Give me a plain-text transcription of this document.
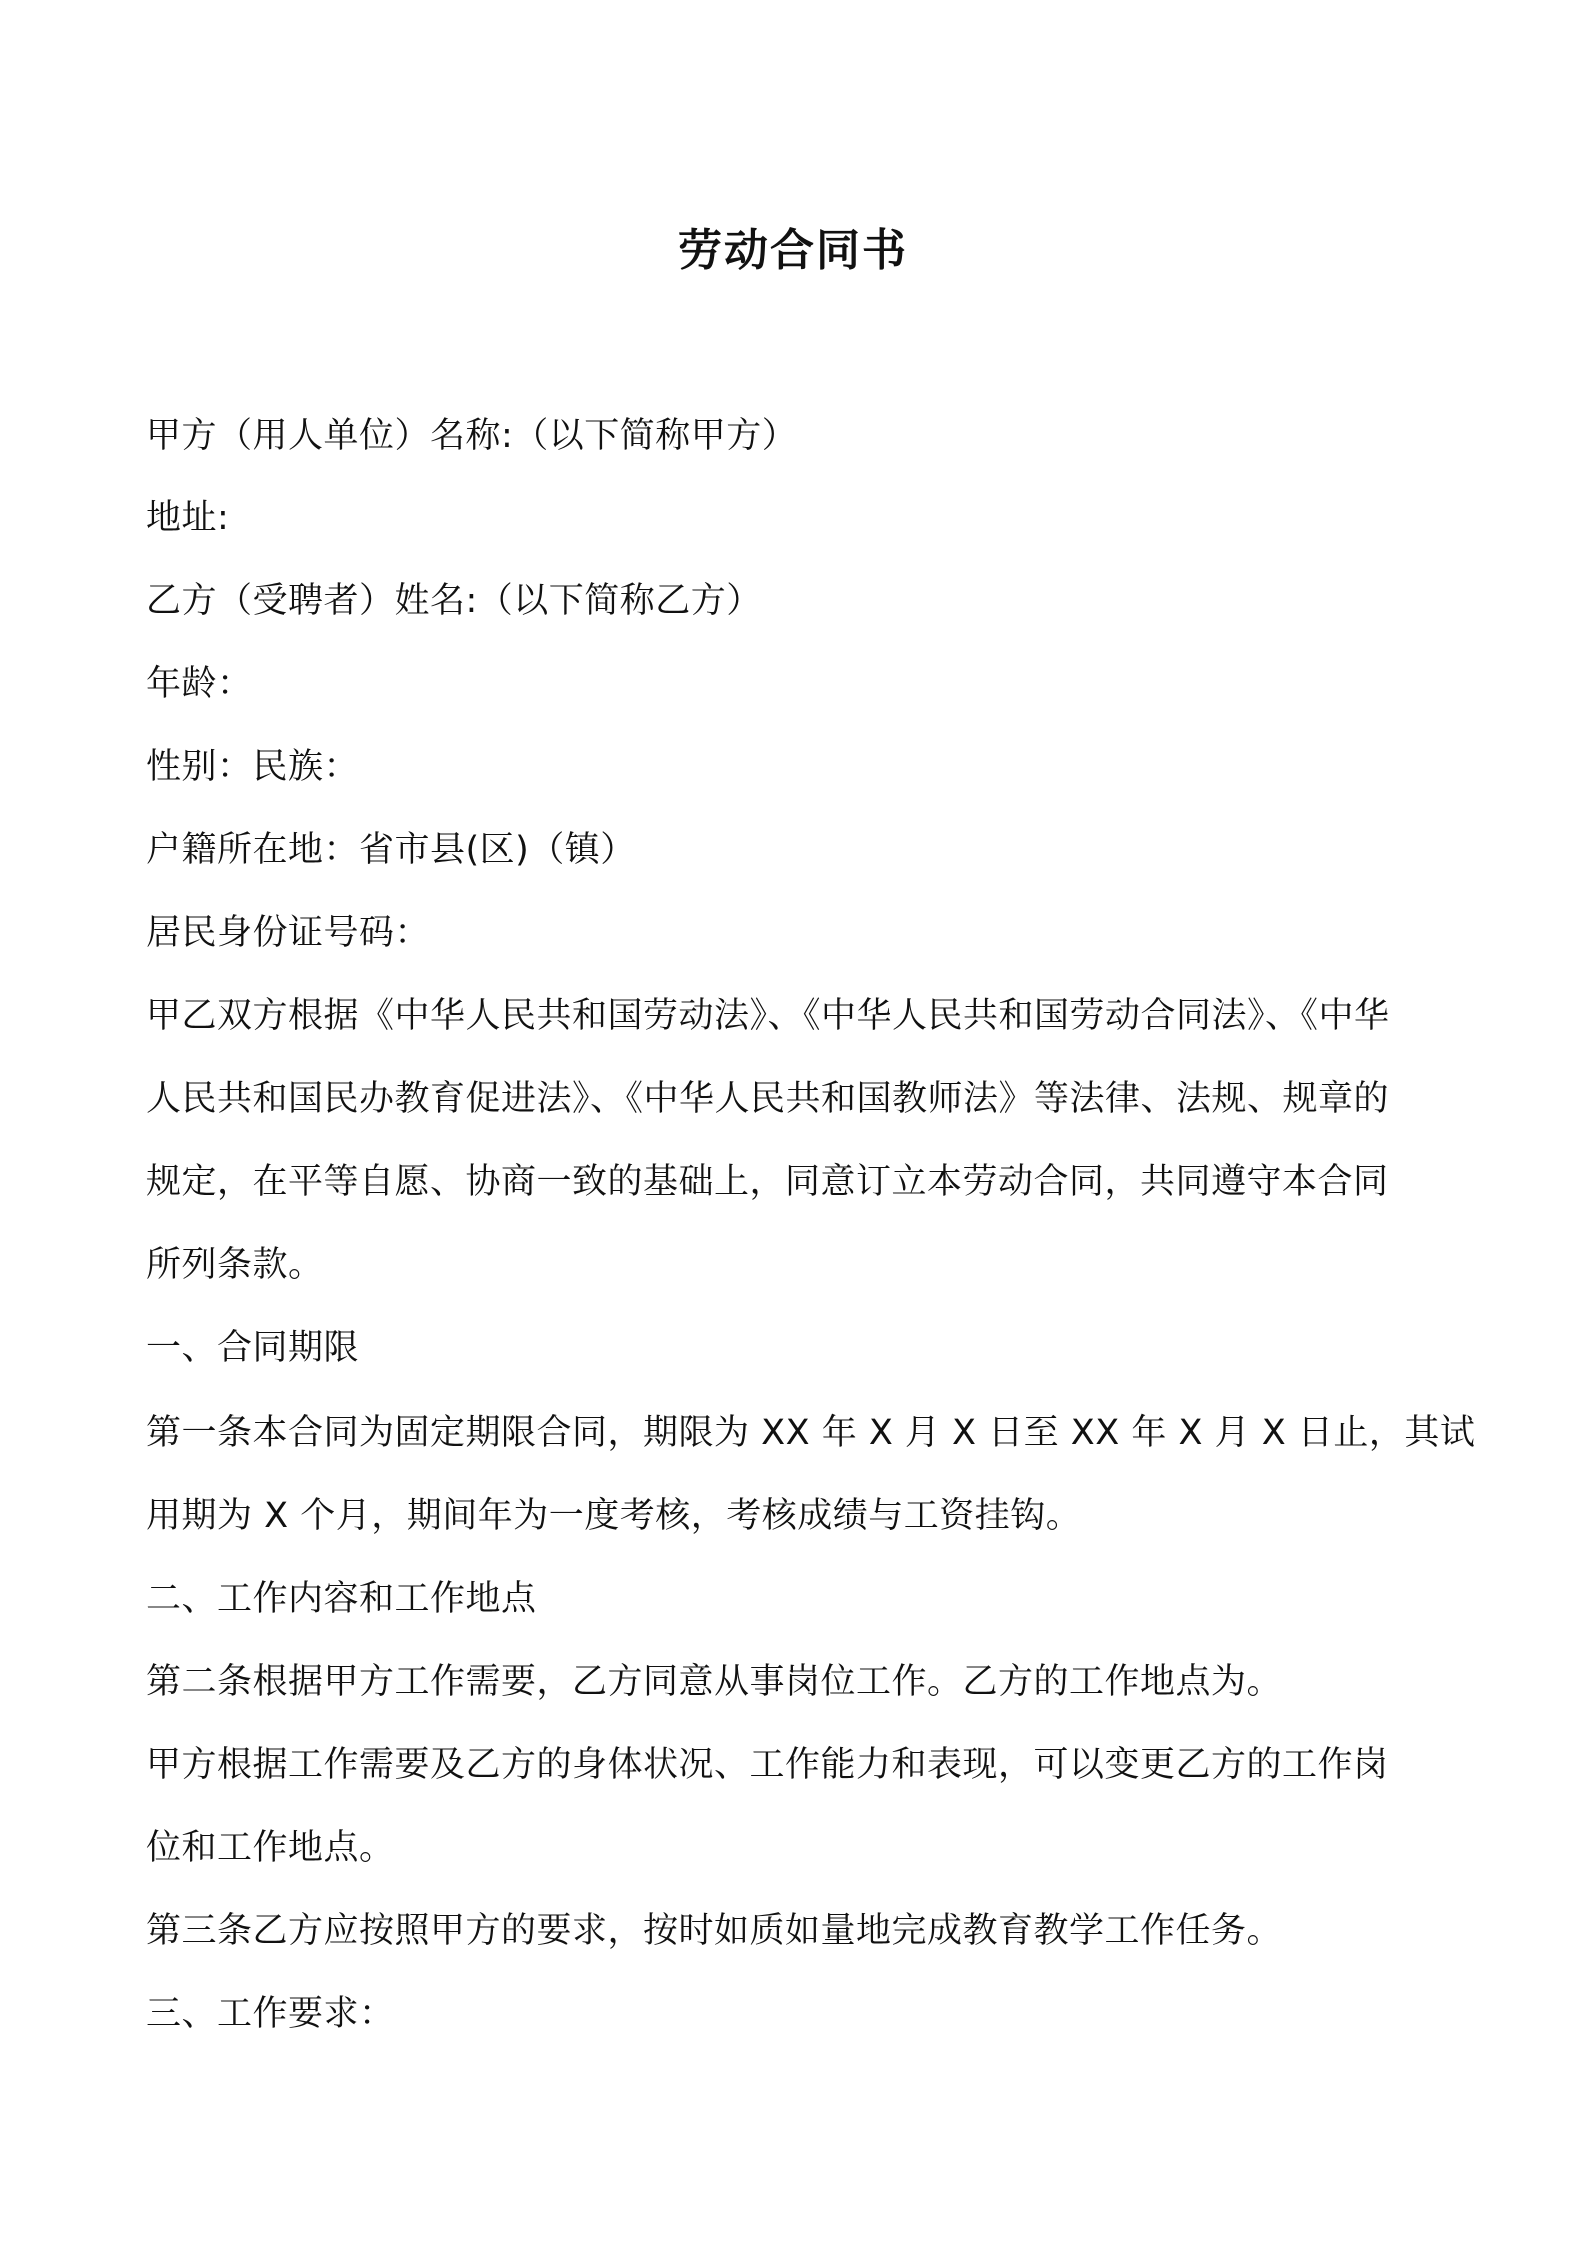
劳动合同书
甲方（用人单位）名称:（以下简称甲方）
地址:
乙方（受聘者）姓名:（以下简称乙方）
年龄：
性别：民族：
户籍所在地：省市县(区)（镇）
居民身份证号码：
甲乙双方根据《中华人民共和国劳动法》、《中华人民共和国劳动合同法》、《中华
人民共和国民办教育促进法》、《中华人民共和国教师法》等法律、法规、规章的
规定，在平等自愿、协商一致的基础上，同意订立本劳动合同，共同遵守本合同
所列条款。
一、合同期限
第一条本合同为固定期限合同，期限为 XX 年 X 月 X 日至 XX 年 X 月 X 日止，其试
用期为 X 个月，期间年为一度考核，考核成绩与工资挂钩。
二、工作内容和工作地点
第二条根据甲方工作需要，乙方同意从事岗位工作。乙方的工作地点为。
甲方根据工作需要及乙方的身体状况、工作能力和表现，可以变更乙方的工作岗
位和工作地点。
第三条乙方应按照甲方的要求，按时如质如量地完成教育教学工作任务。
三、工作要求：
